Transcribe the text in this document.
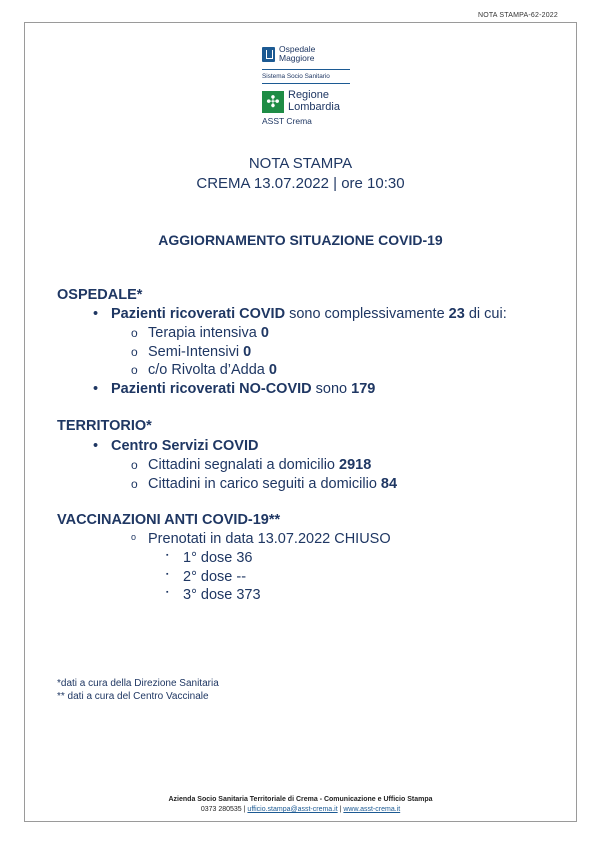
NOTA STAMPA-62-2022
Ospedale
Maggiore
Sistema Socio Sanitario
✣ Regione
Lombardia
ASST Crema
NOTA STAMPA
CREMA 13.07.2022 | ore 10:30
AGGIORNAMENTO SITUAZIONE COVID-19
OSPEDALE*
• Pazienti ricoverati COVID sono complessivamente 23 di cui:
o Terapia intensiva 0
o Semi-Intensivi 0
o c/o Rivolta d’Adda 0
• Pazienti ricoverati NO-COVID sono 179
TERRITORIO*
• Centro Servizi COVID
o Cittadini segnalati a domicilio 2918
o Cittadini in carico seguiti a domicilio 84
VACCINAZIONI ANTI COVID-19**
o Prenotati in data 13.07.2022 CHIUSO
▪ 1° dose 36
▪ 2° dose --
▪ 3° dose 373
*dati a cura della Direzione Sanitaria
** dati a cura del Centro Vaccinale
Azienda Socio Sanitaria Territoriale di Crema - Comunicazione e Ufficio Stampa
0373 280535 | ufficio.stampa@asst-crema.it | www.asst-crema.it
